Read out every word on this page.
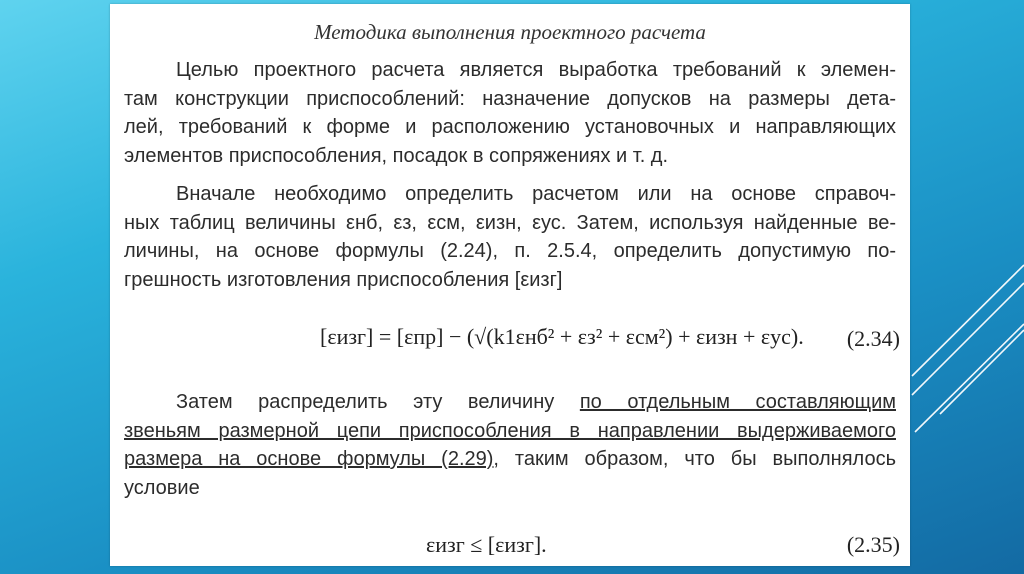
Методика выполнения проектного расчета
Целью проектного расчета является выработка требований к элемен-
там конструкции приспособлений: назначение допусков на размеры дета-
лей, требований к форме и расположению установочных и направляющих
элементов приспособления, посадок в сопряжениях и т. д.
Вначале необходимо определить расчетом или на основе справоч-
ных таблиц величины εнб, εз, εсм, εизн, εус. Затем, используя найденные ве-
личины, на основе формулы (2.24), п. 2.5.4, определить допустимую по-
грешность изготовления приспособления [εизг]
[εизг] = [εпр] − (√(k1εнб² + εз² + εсм²) + εизн + εус). (2.34)
Затем распределить эту величину по отдельным составляющим
звеньям размерной цепи приспособления в направлении выдерживаемого
размера на основе формулы (2.29), таким образом, что бы выполнялось
условие
εизг ≤ [εизг].	(2.35)
